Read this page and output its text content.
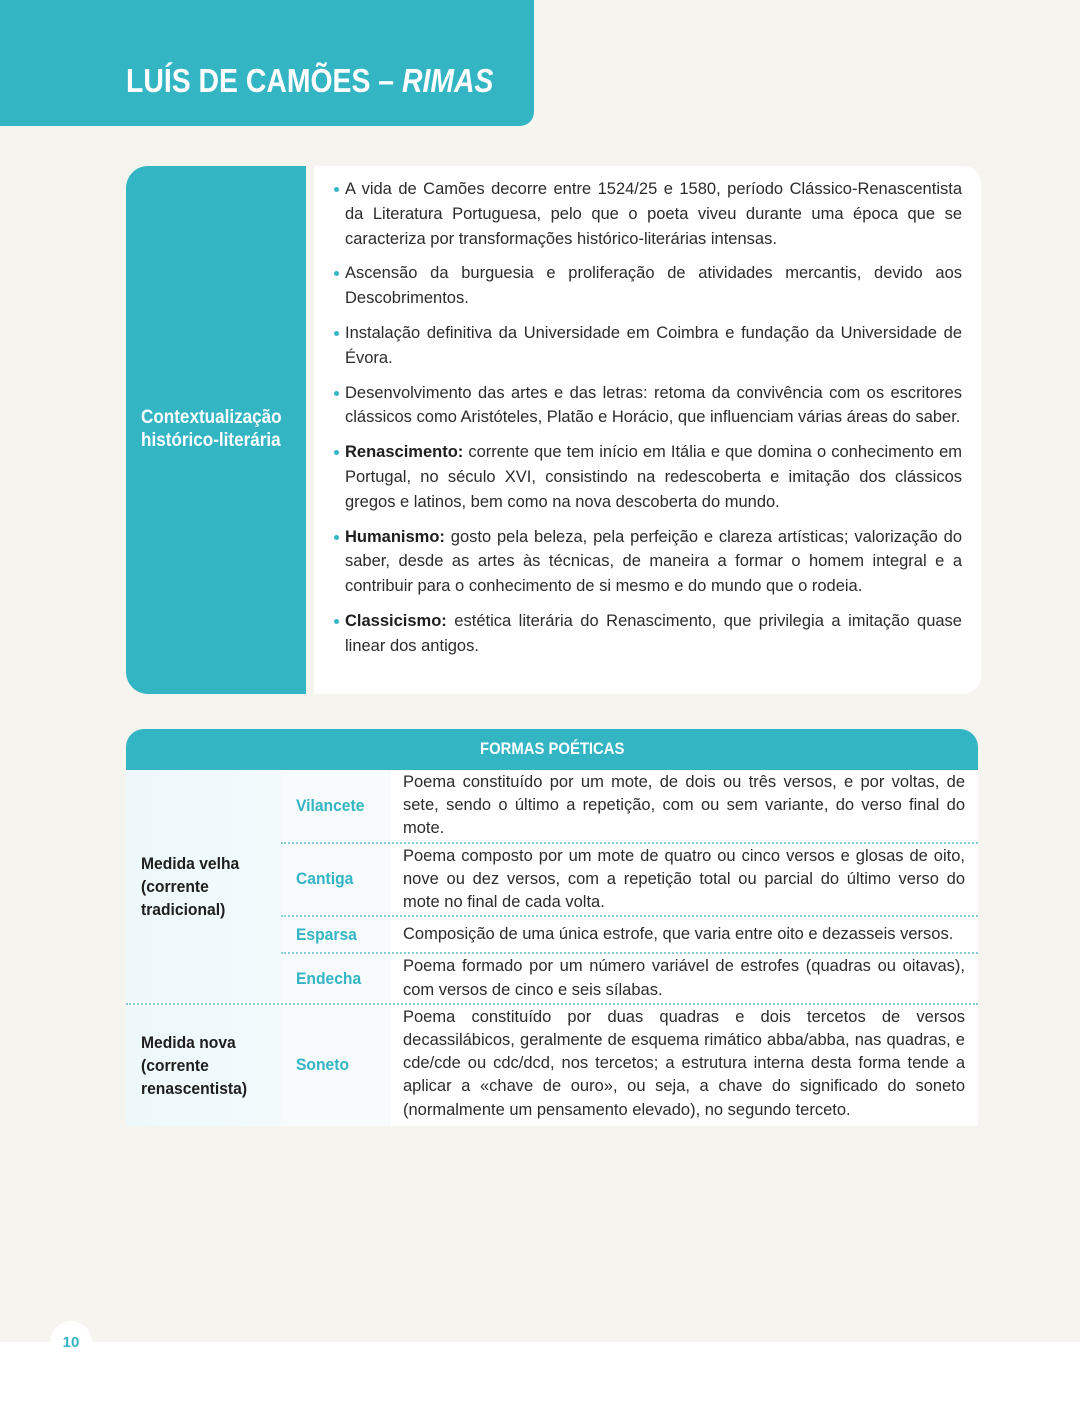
LUÍS DE CAMÕES – RIMAS
Contextualização histórico-literária
A vida de Camões decorre entre 1524/25 e 1580, período Clássico-Renascentista da Literatura Portuguesa, pelo que o poeta viveu durante uma época que se caracteriza por transformações histórico-literárias intensas.
Ascensão da burguesia e proliferação de atividades mercantis, devido aos Descobrimentos.
Instalação definitiva da Universidade em Coimbra e fundação da Universidade de Évora.
Desenvolvimento das artes e das letras: retoma da convivência com os escritores clássicos como Aristóteles, Platão e Horácio, que influenciam várias áreas do saber.
Renascimento: corrente que tem início em Itália e que domina o conhecimento em Portugal, no século XVI, consistindo na redescoberta e imitação dos clássicos gregos e latinos, bem como na nova descoberta do mundo.
Humanismo: gosto pela beleza, pela perfeição e clareza artísticas; valorização do saber, desde as artes às técnicas, de maneira a formar o homem integral e a contribuir para o conhecimento de si mesmo e do mundo que o rodeia.
Classicismo: estética literária do Renascimento, que privilegia a imitação quase linear dos antigos.
FORMAS POÉTICAS
Medida velha (corrente tradicional)
Vilancete
Poema constituído por um mote, de dois ou três versos, e por voltas, de sete, sendo o último a repetição, com ou sem variante, do verso final do mote.
Cantiga
Poema composto por um mote de quatro ou cinco versos e glosas de oito, nove ou dez versos, com a repetição total ou parcial do último verso do mote no final de cada volta.
Esparsa	Composição de uma única estrofe, que varia entre oito e dezasseis versos.
Endecha
Poema formado por um número variável de estrofes (quadras ou oitavas), com versos de cinco e seis sílabas.
Medida nova (corrente renascentista)
Soneto
Poema constituído por duas quadras e dois tercetos de versos decassilábicos, geralmente de esquema rimático abba/abba, nas quadras, e cde/cde ou cdc/dcd, nos tercetos; a estrutura interna desta forma tende a aplicar a «chave de ouro», ou seja, a chave do significado do soneto (normalmente um pensamento elevado), no segundo terceto.
10
